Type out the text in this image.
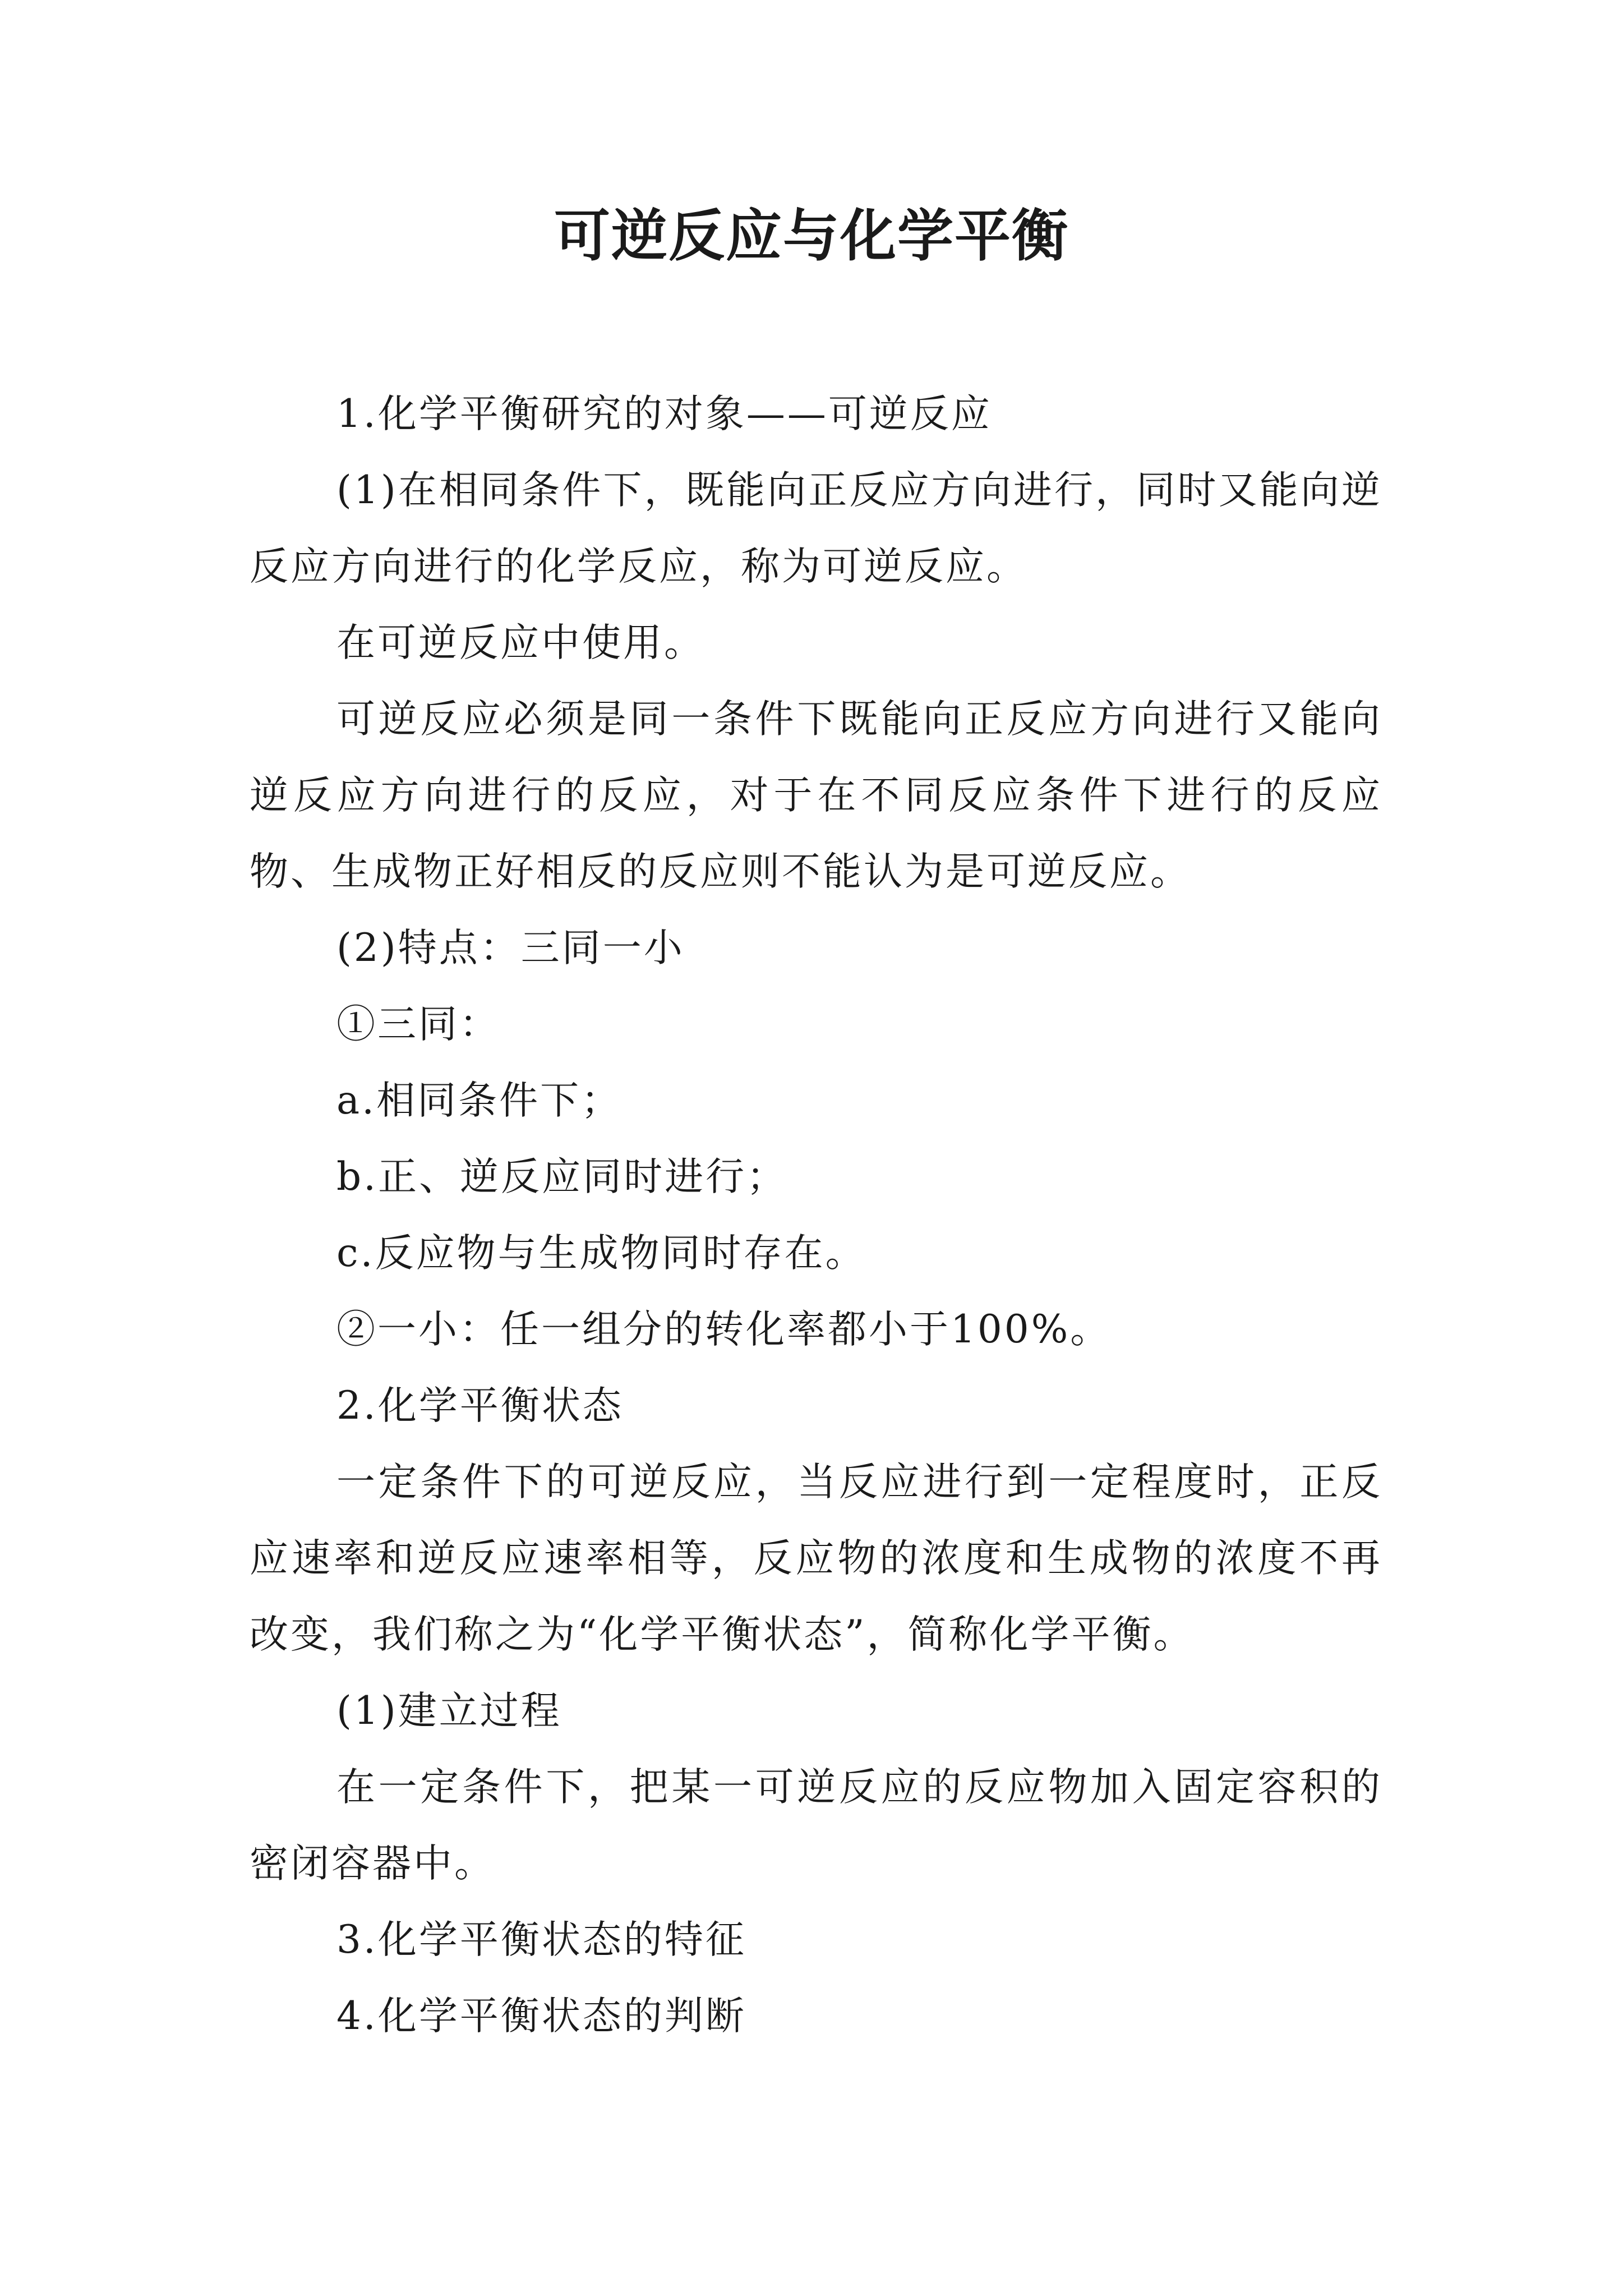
可逆反应与化学平衡

1.化学平衡研究的对象——可逆反应

(1)在相同条件下，既能向正反应方向进行，同时又能向逆反应方向进行的化学反应，称为可逆反应。

在可逆反应中使用。

可逆反应必须是同一条件下既能向正反应方向进行又能向逆反应方向进行的反应，对于在不同反应条件下进行的反应物、生成物正好相反的反应则不能认为是可逆反应。

(2)特点：三同一小

①三同：

a.相同条件下；

b.正、逆反应同时进行；

c.反应物与生成物同时存在。

②一小：任一组分的转化率都小于100%。

2.化学平衡状态

一定条件下的可逆反应，当反应进行到一定程度时，正反应速率和逆反应速率相等，反应物的浓度和生成物的浓度不再改变，我们称之为“化学平衡状态”，简称化学平衡。

(1)建立过程

在一定条件下，把某一可逆反应的反应物加入固定容积的密闭容器中。

3.化学平衡状态的特征

4.化学平衡状态的判断
